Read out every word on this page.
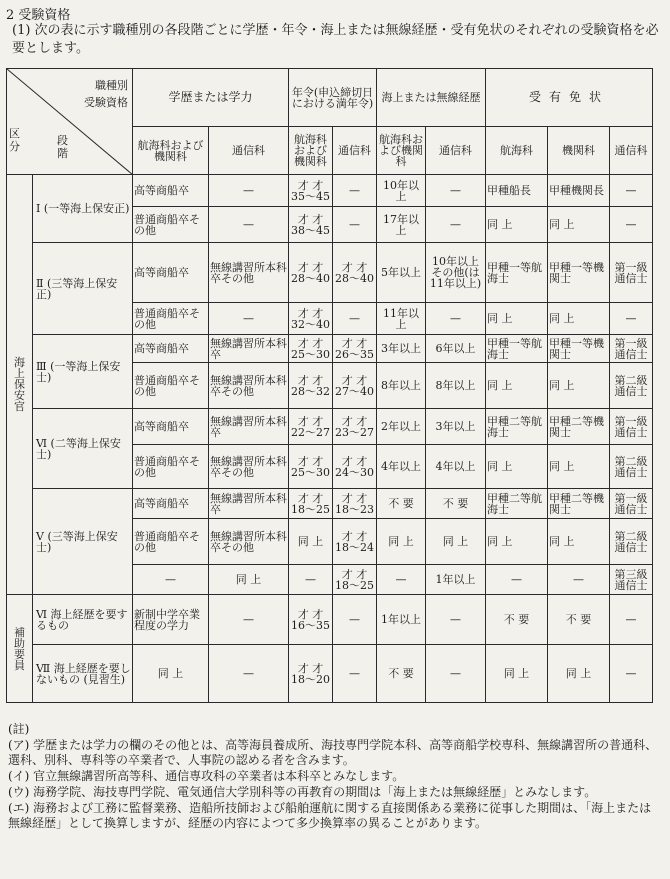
2 受験資格
(1) 次の表に示す職種別の各段階ごとに学歴・年令・海上または無線経歴・受有免状のそれぞれの受験資格を必要とします。
職種別
受験資格
区分 段階		学歴または学力		年令(申込締切日における満年令)		海上または無線経歴		受有免状		
		航海科および機関科	通信科	航海科および機関科	通信科	航海科および機関科	通信科	航海科	機関科	通信科
海上保安官	Ⅰ (一等海上保安正)	高等商船卒	—	才 才 35～45	—	10年以上	—	甲種船長	甲種機関長	—
		普通商船卒その他	—	才 才 38～45	—	17年以上	—	同 上	同 上	—
	Ⅱ (三等海上保安正)	高等商船卒	無線講習所本科卒その他	才 才 28～40	才 才 28～40	5年以上	10年以上その他(は11年以上)	甲種一等航海士	甲種一等機関士	第一級通信士
		普通商船卒その他	—	才 才 32～40	—	11年以上	—	同 上	同 上	—
	Ⅲ (一等海上保安士)	高等商船卒	無線講習所本科卒	才 才 25～30	才 才 26～35	3年以上	6年以上	甲種一等航海士	甲種一等機関士	第一級通信士
		普通商船卒その他	無線講習所本科卒その他	才 才 28～32	才 才 27～40	8年以上	8年以上	同 上	同 上	第二級通信士
	Ⅵ (二等海上保安士)	高等商船卒	無線講習所本科卒	才 才 22～27	才 才 23～27	2年以上	3年以上	甲種二等航海士	甲種二等機関士	第一級通信士
		普通商船卒その他	無線講習所本科卒その他	才 才 25～30	才 才 24～30	4年以上	4年以上	同 上	同 上	第二級通信士
	Ⅴ (三等海上保安士)	高等商船卒	無線講習所本科卒	才 才 18～25	才 才 18～23	不 要	不 要	甲種二等航海士	甲種二等機関士	第一級通信士
		普通商船卒その他	無線講習所本科卒その他	同 上	才 才 18～24	同 上	同 上	同 上	同 上	第二級通信士
		—	同 上	—	才 才 18～25	—	1年以上	—	—	第三級通信士
補助要員	Ⅵ 海上経歴を要するもの	新制中学卒業程度の学力	—	才 才 16～35	—	1年以上	—	不 要	不 要	—
	Ⅶ 海上経歴を要しないもの (見習生)	同 上	—	才 才 18～20	—	不 要	—	同 上	同 上	—

(註)

(ア) 学歴または学力の欄のその他とは、高等海員養成所、海技専門学院本科、高等商船学校専科、無線講習所の普通科、選科、別科、専科等の卒業者で、人事院の認める者を含みます。

(イ) 官立無線講習所高等科、通信専攻科の卒業者は本科卒とみなします。

(ウ) 海務学院、海技専門学院、電気通信大学別科等の再教育の期間は「海上または無線経歴」とみなします。

(エ) 海務および工務に監督業務、造船所技師および船舶運航に関する直接関係ある業務に従事した期間は、「海上または無線経歴」として換算しますが、経歴の内容によつて多少換算率の異ることがあります。
